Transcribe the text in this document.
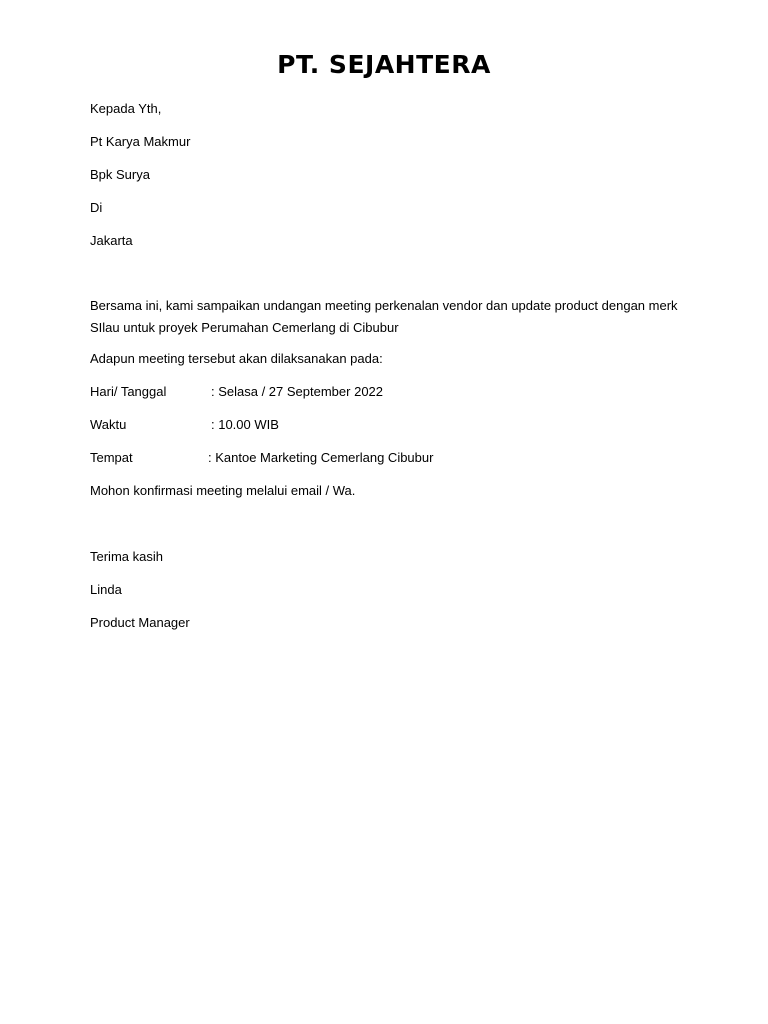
PT. SEJAHTERA
Kepada Yth,
Pt Karya Makmur
Bpk Surya
Di
Jakarta
Bersama ini, kami sampaikan undangan meeting perkenalan vendor dan update product dengan merk SIlau untuk proyek Perumahan Cemerlang di Cibubur
Adapun meeting tersebut akan dilaksanakan pada:
Hari/ Tanggal	: Selasa / 27 September 2022
Waktu	: 10.00 WIB
Tempat	: Kantoe Marketing Cemerlang Cibubur
Mohon konfirmasi meeting melalui email / Wa.
Terima kasih
Linda
Product Manager
